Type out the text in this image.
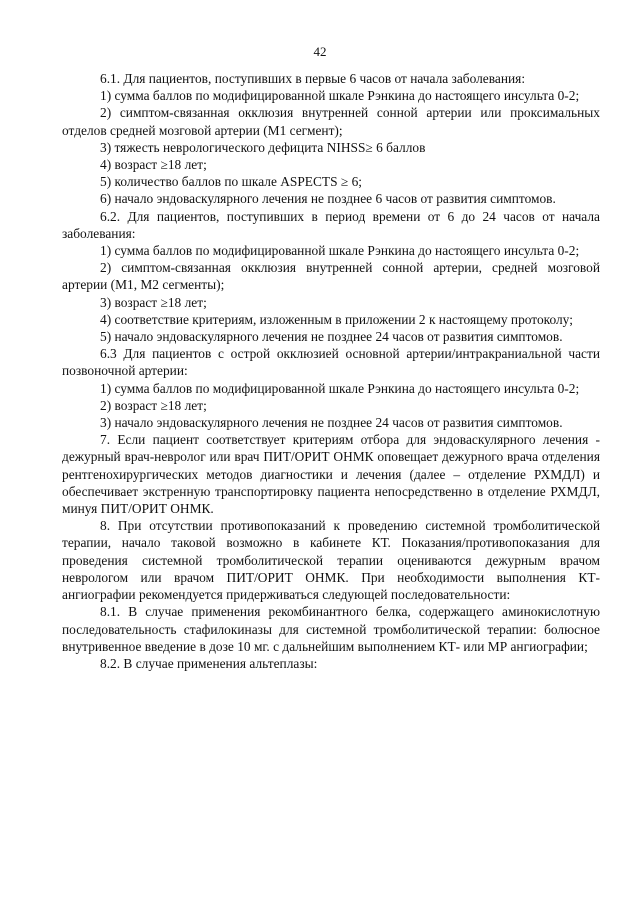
42

6.1. Для пациентов, поступивших в первые 6 часов от начала заболевания:

1) сумма баллов по модифицированной шкале Рэнкина до настоящего инсульта 0-2;

2) симптом-связанная окклюзия внутренней сонной артерии или проксимальных отделов средней мозговой артерии (М1 сегмент);

3) тяжесть неврологического дефицита NIHSS≥ 6 баллов

4) возраст ≥18 лет;

5) количество баллов по шкале ASPECTS ≥ 6;

6) начало эндоваскулярного лечения не позднее 6 часов от развития симптомов.

6.2. Для пациентов, поступивших в период времени от 6 до 24 часов от начала заболевания:

1) сумма баллов по модифицированной шкале Рэнкина до настоящего инсульта 0-2;

2) симптом-связанная окклюзия внутренней сонной артерии, средней мозговой артерии (М1, М2 сегменты);

3) возраст ≥18 лет;

4) соответствие критериям, изложенным в приложении 2 к настоящему протоколу;

5) начало эндоваскулярного лечения не позднее 24 часов от развития симптомов.

6.3 Для пациентов с острой окклюзией основной артерии/интракраниальной части позвоночной артерии:

1) сумма баллов по модифицированной шкале Рэнкина до настоящего инсульта 0-2;

2) возраст ≥18 лет;

3) начало эндоваскулярного лечения не позднее 24 часов от развития симптомов.

7. Если пациент соответствует критериям отбора для эндоваскулярного лечения - дежурный врач-невролог или врач ПИТ/ОРИТ ОНМК оповещает дежурного врача отделения рентгенохирургических методов диагностики и лечения (далее – отделение РХМДЛ) и обеспечивает экстренную транспортировку пациента непосредственно в отделение РХМДЛ, минуя ПИТ/ОРИТ ОНМК.

8. При отсутствии противопоказаний к проведению системной тромболитической терапии, начало таковой возможно в кабинете КТ. Показания/противопоказания для проведения системной тромболитической терапии оцениваются дежурным врачом неврологом или врачом ПИТ/ОРИТ ОНМК. При необходимости выполнения КТ-ангиографии рекомендуется придерживаться следующей последовательности:

8.1. В случае применения рекомбинантного белка, содержащего аминокислотную последовательность стафилокиназы для системной тромболитической терапии: болюсное внутривенное введение в дозе 10 мг. с дальнейшим выполнением КТ- или МР ангиографии;

8.2. В случае применения альтеплазы:
